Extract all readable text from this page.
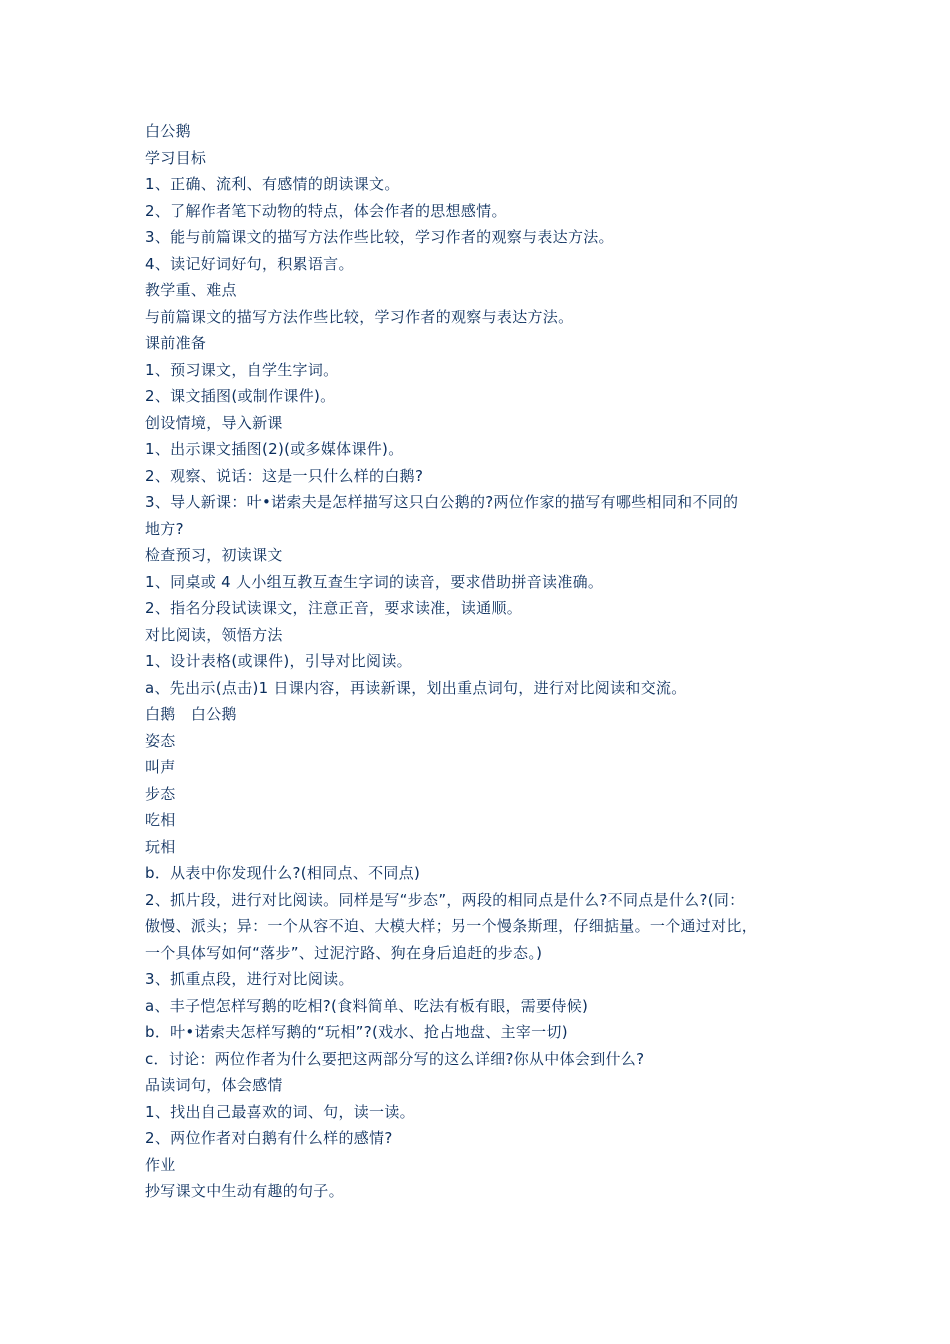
白公鹅
学习目标
1、正确、流利、有感情的朗读课文。
2、了解作者笔下动物的特点，体会作者的思想感情。
3、能与前篇课文的描写方法作些比较，学习作者的观察与表达方法。
4、读记好词好句，积累语言。
教学重、难点
与前篇课文的描写方法作些比较，学习作者的观察与表达方法。
课前准备
1、预习课文，自学生字词。
2、课文插图(或制作课件)。
创设情境，导入新课
1、出示课文插图(2)(或多媒体课件)。
2、观察、说话：这是一只什么样的白鹅?
3、导人新课：叶•诺索夫是怎样描写这只白公鹅的?两位作家的描写有哪些相同和不同的
地方?
检查预习，初读课文
1、同桌或 4 人小组互教互查生字词的读音，要求借助拼音读准确。
2、指名分段试读课文，注意正音，要求读准，读通顺。
对比阅读，领悟方法
1、设计表格(或课件)，引导对比阅读。
a、先出示(点击)1 日课内容，再读新课，划出重点词句，进行对比阅读和交流。
白鹅　白公鹅
姿态
叫声
步态
吃相
玩相
b．从表中你发现什么?(相同点、不同点)
2、抓片段，进行对比阅读。同样是写“步态”，两段的相同点是什么?不同点是什么?(同：
傲慢、派头；异：一个从容不迫、大模大样；另一个慢条斯理，仔细掂量。一个通过对比，
一个具体写如何“落步”、过泥泞路、狗在身后追赶的步态。)
3、抓重点段，进行对比阅读。
a、丰子恺怎样写鹅的吃相?(食料简单、吃法有板有眼，需要侍候)
b．叶•诺索夫怎样写鹅的“玩相”?(戏水、抢占地盘、主宰一切)
c．讨论：两位作者为什么要把这两部分写的这么详细?你从中体会到什么?
品读词句，体会感情
1、找出自己最喜欢的词、句，读一读。
2、两位作者对白鹅有什么样的感情?
作业
抄写课文中生动有趣的句子。
